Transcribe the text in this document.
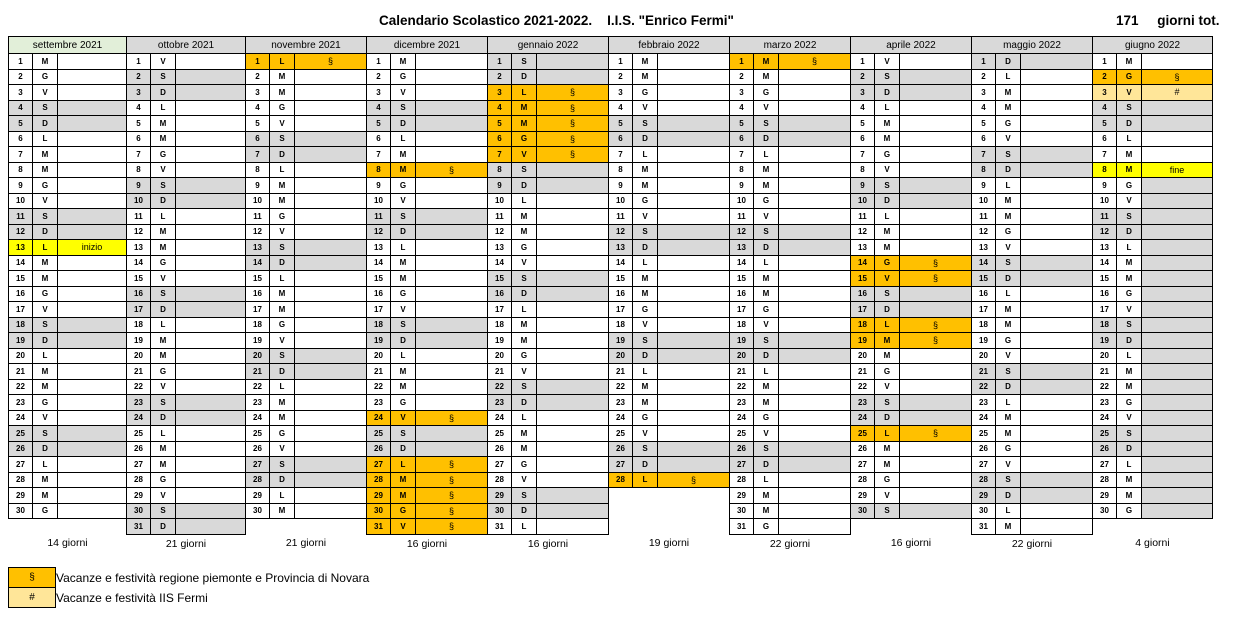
Calendario Scolastico 2021-2022.    I.I.S. "Enrico Fermi"	171 giorni tot.
settembre 2021			ottobre 2021			novembre 2021			dicembre 2021			gennaio 2022			febbraio 2022			marzo 2022			aprile 2022			maggio 2022			giugno 2022		
1	M		1	V		1	L	§	1	M		1	S		1	M		1	M	§	1	V		1	D		1	M	
2	G		2	S		2	M		2	G		2	D		2	M		2	M		2	S		2	L		2	G	§
3	V		3	D		3	M		3	V		3	L	§	3	G		3	G		3	D		3	M		3	V	#
4	S		4	L		4	G		4	S		4	M	§	4	V		4	V		4	L		4	M		4	S	
5	D		5	M		5	V		5	D		5	M	§	5	S		5	S		5	M		5	G		5	D	
6	L		6	M		6	S		6	L		6	G	§	6	D		6	D		6	M		6	V		6	L	
7	M		7	G		7	D		7	M		7	V	§	7	L		7	L		7	G		7	S		7	M	
8	M		8	V		8	L		8	M	§	8	S		8	M		8	M		8	V		8	D		8	M	fine
9	G		9	S		9	M		9	G		9	D		9	M		9	M		9	S		9	L		9	G	
10	V		10	D		10	M		10	V		10	L		10	G		10	G		10	D		10	M		10	V	
11	S		11	L		11	G		11	S		11	M		11	V		11	V		11	L		11	M		11	S	
12	D		12	M		12	V		12	D		12	M		12	S		12	S		12	M		12	G		12	D	
13	L	inizio	13	M		13	S		13	L		13	G		13	D		13	D		13	M		13	V		13	L	
14	M		14	G		14	D		14	M		14	V		14	L		14	L		14	G	§	14	S		14	M	
15	M		15	V		15	L		15	M		15	S		15	M		15	M		15	V	§	15	D		15	M	
16	G		16	S		16	M		16	G		16	D		16	M		16	M		16	S		16	L		16	G	
17	V		17	D		17	M		17	V		17	L		17	G		17	G		17	D		17	M		17	V	
18	S		18	L		18	G		18	S		18	M		18	V		18	V		18	L	§	18	M		18	S	
19	D		19	M		19	V		19	D		19	M		19	S		19	S		19	M	§	19	G		19	D	
20	L		20	M		20	S		20	L		20	G		20	D		20	D		20	M		20	V		20	L	
21	M		21	G		21	D		21	M		21	V		21	L		21	L		21	G		21	S		21	M	
22	M		22	V		22	L		22	M		22	S		22	M		22	M		22	V		22	D		22	M	
23	G		23	S		23	M		23	G		23	D		23	M		23	M		23	S		23	L		23	G	
24	V		24	D		24	M		24	V	§	24	L		24	G		24	G		24	D		24	M		24	V	
25	S		25	L		25	G		25	S		25	M		25	V		25	V		25	L	§	25	M		25	S	
26	D		26	M		26	V		26	D		26	M		26	S		26	S		26	M		26	G		26	D	
27	L		27	M		27	S		27	L	§	27	G		27	D		27	D		27	M		27	V		27	L	
28	M		28	G		28	D		28	M	§	28	V		28	L	§	28	L		28	G		28	S		28	M	
29	M		29	V		29	L		29	M	§	29	S					29	M		29	V		29	D		29	M	
30	G		30	S		30	M		30	G	§	30	D					30	M		30	S		30	L		30	G	
			31	D					31	V	§	31	L					31	G					31	M				
14 giorni			21 giorni			21 giorni			16 giorni			16 giorni			19 giorni			22 giorni			16 giorni			22 giorni			4 giorni		
§	Vacanze e festività regione piemonte e Provincia di Novara
#	Vacanze e festività IIS Fermi
